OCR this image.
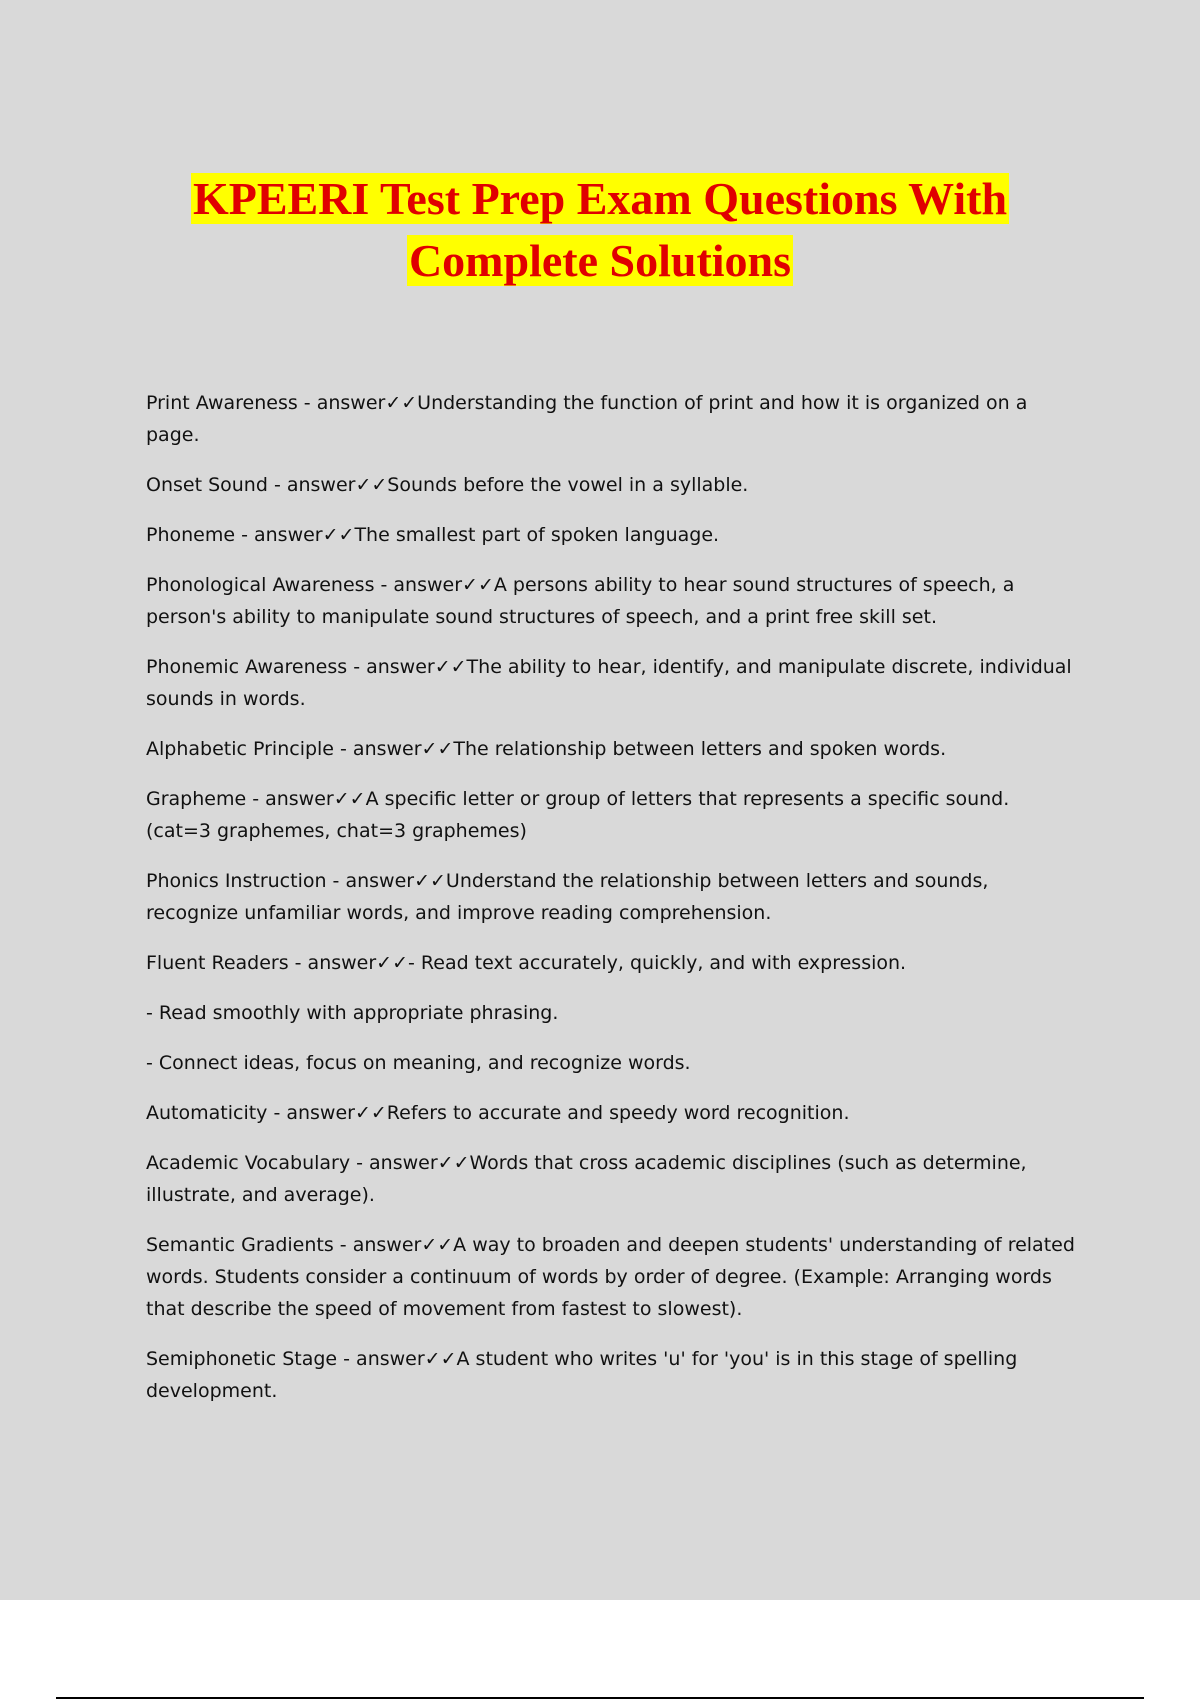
KPEERI Test Prep Exam Questions With
Complete Solutions

Print Awareness - answer✓✓Understanding the function of print and how it is organized on a page.

Onset Sound - answer✓✓Sounds before the vowel in a syllable.

Phoneme - answer✓✓The smallest part of spoken language.

Phonological Awareness - answer✓✓A persons ability to hear sound structures of speech, a person's ability to manipulate sound structures of speech, and a print free skill set.

Phonemic Awareness - answer✓✓The ability to hear, identify, and manipulate discrete, individual sounds in words.

Alphabetic Principle - answer✓✓The relationship between letters and spoken words.

Grapheme - answer✓✓A specific letter or group of letters that represents a specific sound. (cat=3 graphemes, chat=3 graphemes)

Phonics Instruction - answer✓✓Understand the relationship between letters and sounds, recognize unfamiliar words, and improve reading comprehension.

Fluent Readers - answer✓✓- Read text accurately, quickly, and with expression.

- Read smoothly with appropriate phrasing.

- Connect ideas, focus on meaning, and recognize words.

Automaticity - answer✓✓Refers to accurate and speedy word recognition.

Academic Vocabulary - answer✓✓Words that cross academic disciplines (such as determine, illustrate, and average).

Semantic Gradients - answer✓✓A way to broaden and deepen students' understanding of related words. Students consider a continuum of words by order of degree. (Example: Arranging words that describe the speed of movement from fastest to slowest).

Semiphonetic Stage - answer✓✓A student who writes 'u' for 'you' is in this stage of spelling development.
